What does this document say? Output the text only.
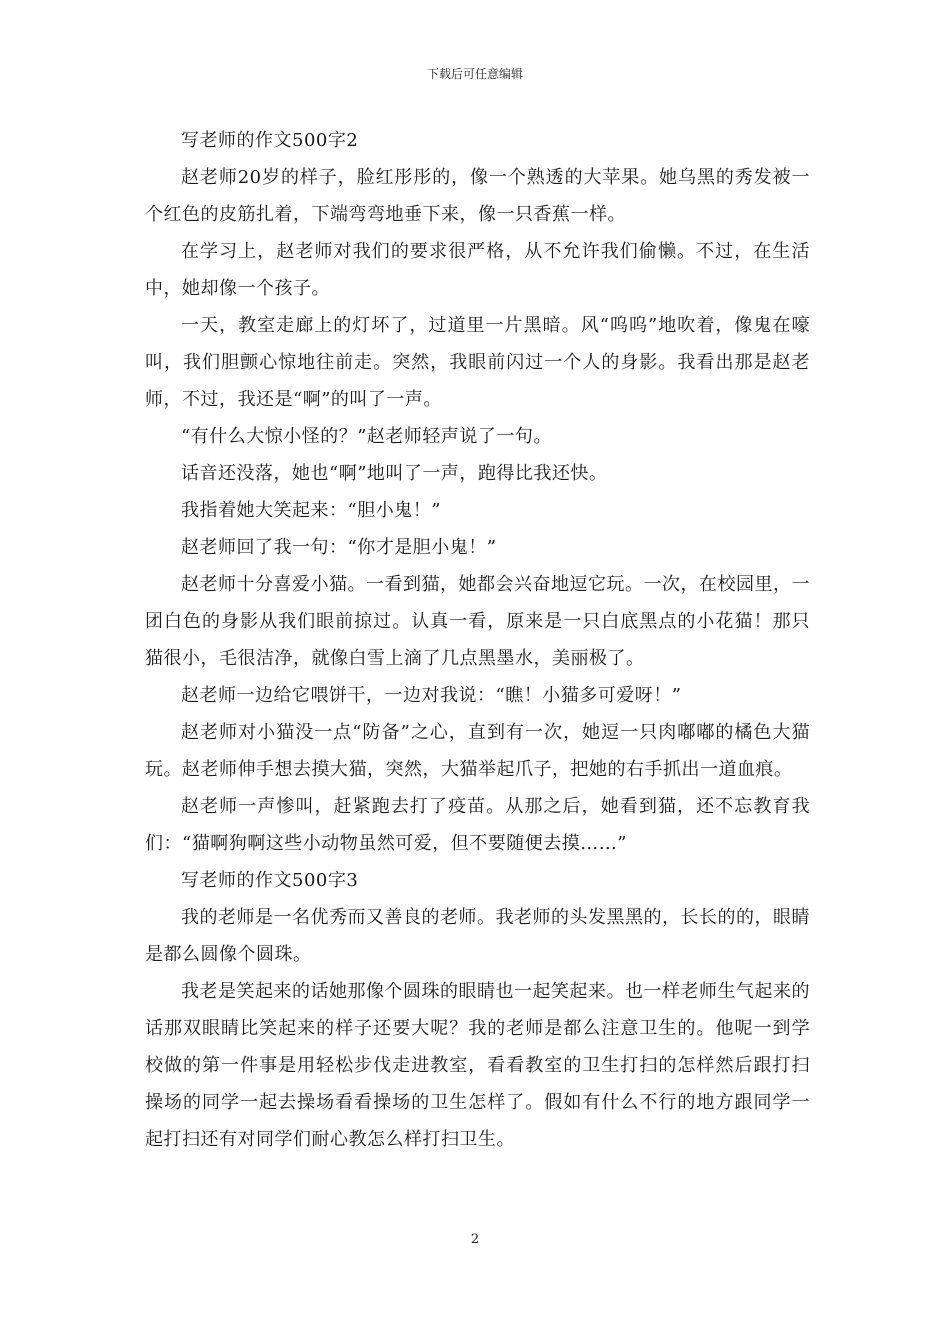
下载后可任意编辑

写老师的作文500字2

赵老师20岁的样子，脸红彤彤的，像一个熟透的大苹果。她乌黑的秀发被一个红色的皮筋扎着，下端弯弯地垂下来，像一只香蕉一样。

在学习上，赵老师对我们的要求很严格，从不允许我们偷懒。不过，在生活中，她却像一个孩子。

一天，教室走廊上的灯坏了，过道里一片黑暗。风“呜呜”地吹着，像鬼在嚎叫，我们胆颤心惊地往前走。突然，我眼前闪过一个人的身影。我看出那是赵老师，不过，我还是“啊”的叫了一声。

“有什么大惊小怪的？”赵老师轻声说了一句。

话音还没落，她也“啊”地叫了一声，跑得比我还快。

我指着她大笑起来：“胆小鬼！”

赵老师回了我一句：“你才是胆小鬼！”

赵老师十分喜爱小猫。一看到猫，她都会兴奋地逗它玩。一次，在校园里，一团白色的身影从我们眼前掠过。认真一看，原来是一只白底黑点的小花猫！那只猫很小，毛很洁净，就像白雪上滴了几点黑墨水，美丽极了。

赵老师一边给它喂饼干，一边对我说：“瞧！小猫多可爱呀！”

赵老师对小猫没一点“防备”之心，直到有一次，她逗一只肉嘟嘟的橘色大猫玩。赵老师伸手想去摸大猫，突然，大猫举起爪子，把她的右手抓出一道血痕。

赵老师一声惨叫，赶紧跑去打了疫苗。从那之后，她看到猫，还不忘教育我们：“猫啊狗啊这些小动物虽然可爱，但不要随便去摸……”

写老师的作文500字3

我的老师是一名优秀而又善良的老师。我老师的头发黑黑的，长长的的，眼睛是都么圆像个圆珠。

我老是笑起来的话她那像个圆珠的眼睛也一起笑起来。也一样老师生气起来的话那双眼睛比笑起来的样子还要大呢？我的老师是都么注意卫生的。他呢一到学校做的第一件事是用轻松步伐走进教室，看看教室的卫生打扫的怎样然后跟打扫操场的同学一起去操场看看操场的卫生怎样了。假如有什么不行的地方跟同学一起打扫还有对同学们耐心教怎么样打扫卫生。

2
